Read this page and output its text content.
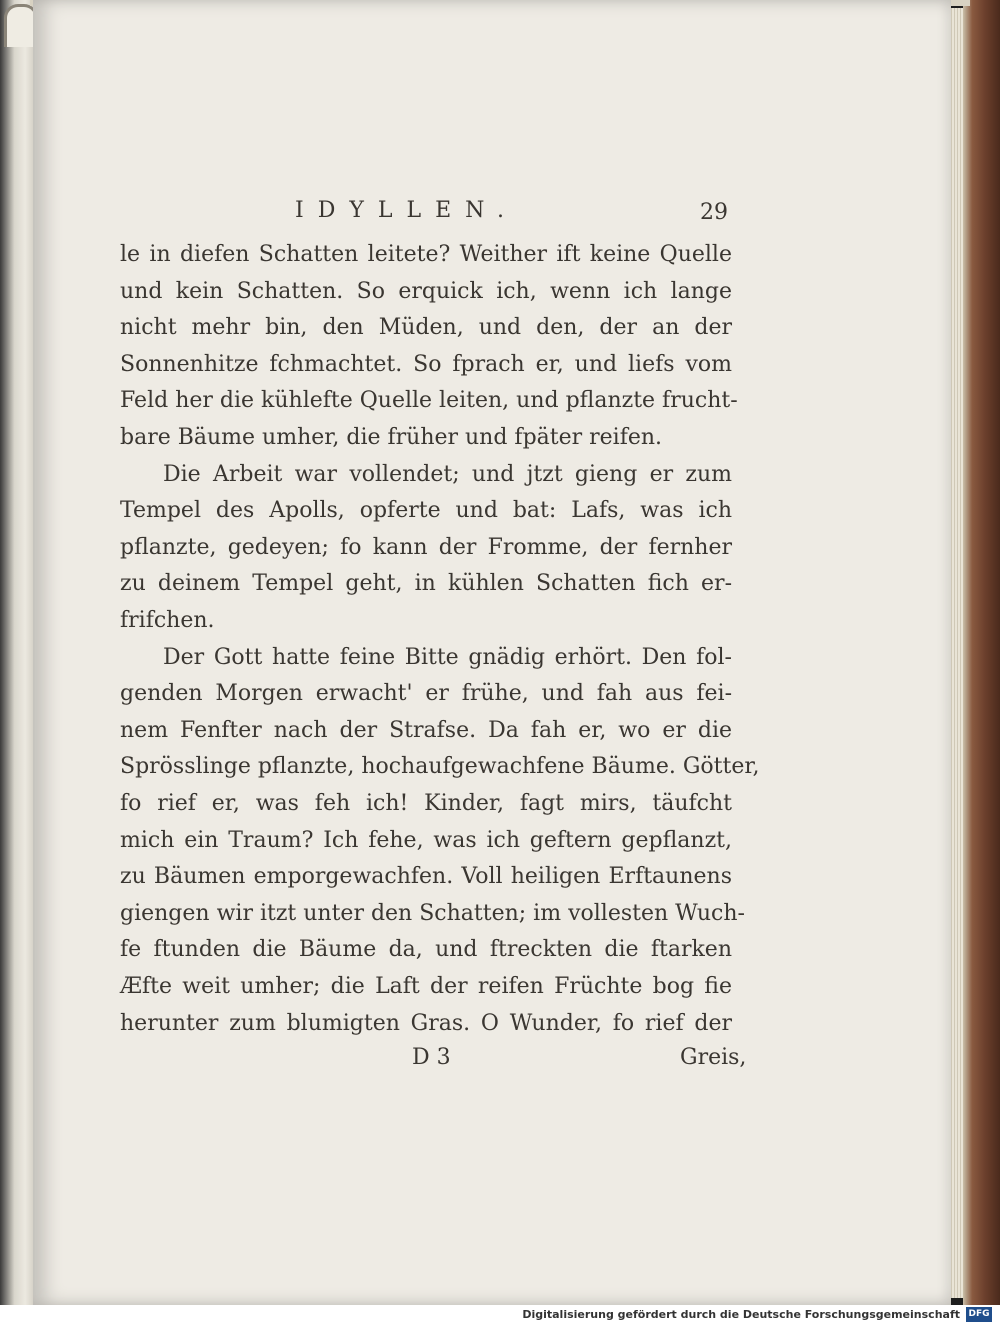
IDYLLEN.	29
le in diefen Schatten leitete? Weither ift keine Quelle
und kein Schatten. So erquick ich, wenn ich lange
nicht mehr bin, den Müden, und den, der an der
Sonnenhitze fchmachtet. So fprach er, und liefs vom
Feld her die kühlefte Quelle leiten, und pflanzte frucht-
bare Bäume umher, die früher und fpäter reifen.
Die Arbeit war vollendet; und jtzt gieng er zum
Tempel des Apolls, opferte und bat: Lafs, was ich
pflanzte, gedeyen; fo kann der Fromme, der fernher
zu deinem Tempel geht, in kühlen Schatten fich er-
frifchen.
Der Gott hatte feine Bitte gnädig erhört. Den fol-
genden Morgen erwacht' er frühe, und fah aus fei-
nem Fenfter nach der Strafse. Da fah er, wo er die
Sprösslinge pflanzte, hochaufgewachfene Bäume. Götter,
fo rief er, was feh ich! Kinder, fagt mirs, täufcht
mich ein Traum? Ich fehe, was ich geftern gepflanzt,
zu Bäumen emporgewachfen. Voll heiligen Erftaunens
giengen wir itzt unter den Schatten; im vollesten Wuch-
fe ftunden die Bäume da, und ftreckten die ftarken
Æfte weit umher; die Laft der reifen Früchte bog fie
herunter zum blumigten Gras. O Wunder, fo rief der
D 3	Greis,
Digitalisierung gefördert durch die Deutsche Forschungsgemeinschaft DFG
